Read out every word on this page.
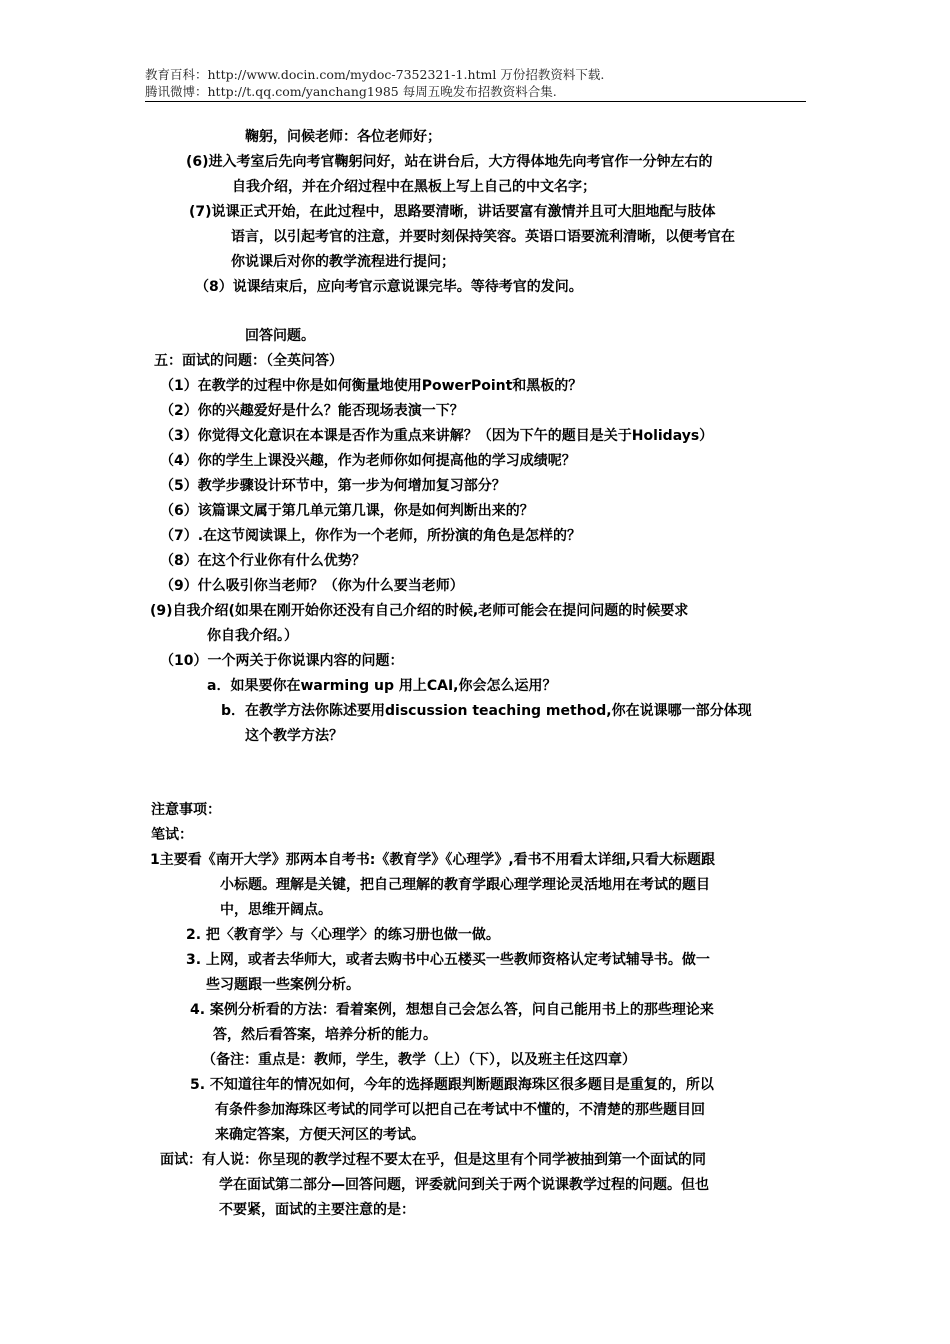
教育百科：http://www.docin.com/mydoc-7352321-1.html 万份招教资料下载.
腾讯微博：http://t.qq.com/yanchang1985 每周五晚发布招教资料合集.
鞠躬，问候老师：各位老师好；
(6)进入考室后先向考官鞠躬问好，站在讲台后，大方得体地先向考官作一分钟左右的
自我介绍，并在介绍过程中在黑板上写上自己的中文名字；
(7)说课正式开始，在此过程中，思路要清晰，讲话要富有激情并且可大胆地配与肢体
语言，以引起考官的注意，并要时刻保持笑容。英语口语要流利清晰，以便考官在
你说课后对你的教学流程进行提问；
（8）说课结束后，应向考官示意说课完毕。等待考官的发问。
回答问题。
五：面试的问题：（全英问答）
（1）在教学的过程中你是如何衡量地使用PowerPoint和黑板的？
（2）你的兴趣爱好是什么？能否现场表演一下？
（3）你觉得文化意识在本课是否作为重点来讲解？（因为下午的题目是关于Holidays）
（4）你的学生上课没兴趣，作为老师你如何提高他的学习成绩呢？
（5）教学步骤设计环节中，第一步为何增加复习部分？
（6）该篇课文属于第几单元第几课，你是如何判断出来的？
（7）.在这节阅读课上，你作为一个老师，所扮演的角色是怎样的？
（8）在这个行业你有什么优势？
（9）什么吸引你当老师？（你为什么要当老师）
(9)自我介绍(如果在刚开始你还没有自己介绍的时候,老师可能会在提问问题的时候要求
你自我介绍。）
（10）一个两关于你说课内容的问题：
a．如果要你在warming up 用上CAI,你会怎么运用？
b．在教学方法你陈述要用discussion teaching method,你在说课哪一部分体现
这个教学方法？
注意事项：
笔试：
1主要看《南开大学》那两本自考书:《教育学》《心理学》,看书不用看太详细,只看大标题跟
小标题。理解是关键，把自己理解的教育学跟心理学理论灵活地用在考试的题目
中，思维开阔点。
2. 把〈教育学〉与〈心理学〉的练习册也做一做。
3. 上网，或者去华师大，或者去购书中心五楼买一些教师资格认定考试辅导书。做一
些习题跟一些案例分析。
4. 案例分析看的方法：看着案例，想想自己会怎么答，问自己能用书上的那些理论来
答，然后看答案，培养分析的能力。
（备注：重点是：教师，学生，教学（上）（下），以及班主任这四章）
5. 不知道往年的情况如何，今年的选择题跟判断题跟海珠区很多题目是重复的，所以
有条件参加海珠区考试的同学可以把自己在考试中不懂的，不清楚的那些题目回
来确定答案，方便天河区的考试。
面试：有人说：你呈现的教学过程不要太在乎，但是这里有个同学被抽到第一个面试的同
学在面试第二部分—回答问题，评委就问到关于两个说课教学过程的问题。但也
不要紧，面试的主要注意的是：
